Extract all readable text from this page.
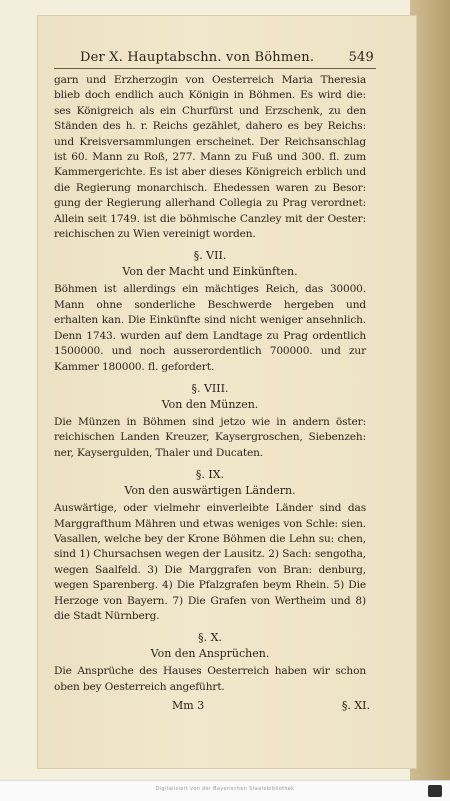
Der X. Hauptabschn. von Böhmen.	549

garn und Erzherzogin von Oesterreich Maria Theresia blieb doch endlich auch Königin in Böhmen. Es wird die: ses Königreich als ein Churfürst und Erzschenk, zu den Ständen des h. r. Reichs gezählet, dahero es bey Reichs: und Kreisversammlungen erscheinet. Der Reichsanschlag ist 60. Mann zu Roß, 277. Mann zu Fuß und 300. fl. zum Kammergerichte. Es ist aber dieses Königreich erblich und die Regierung monarchisch. Ehedessen waren zu Besor: gung der Regierung allerhand Collegia zu Prag verordnet: Allein seit 1749. ist die böhmische Canzley mit der Oester: reichischen zu Wien vereinigt worden.

§. VII.
Von der Macht und Einkünften.

Böhmen ist allerdings ein mächtiges Reich, das 30000. Mann ohne sonderliche Beschwerde hergeben und erhalten kan. Die Einkünfte sind nicht weniger ansehnlich. Denn 1743. wurden auf dem Landtage zu Prag ordentlich 1500000. und noch ausserordentlich 700000. und zur Kammer 180000. fl. gefordert.

§. VIII.
Von den Münzen.

Die Münzen in Böhmen sind jetzo wie in andern öster: reichischen Landen Kreuzer, Kaysergroschen, Siebenzeh: ner, Kaysergulden, Thaler und Ducaten.

§. IX.
Von den auswärtigen Ländern.

Auswärtige, oder vielmehr einverleibte Länder sind das Marggrafthum Mähren und etwas weniges von Schle: sien. Vasallen, welche bey der Krone Böhmen die Lehn su: chen, sind 1) Chursachsen wegen der Lausitz. 2) Sach: sengotha, wegen Saalfeld. 3) Die Marggrafen von Bran: denburg, wegen Sparenberg. 4) Die Pfalzgrafen beym Rhein. 5) Die Herzoge von Bayern. 7) Die Grafen von Wertheim und 8) die Stadt Nürnberg.

§. X.
Von den Ansprüchen.

Die Ansprüche des Hauses Oesterreich haben wir schon oben bey Oesterreich angeführt.

Mm 3	§. XI.
Digitalisiert von der Bayerischen Staatsbibliothek
